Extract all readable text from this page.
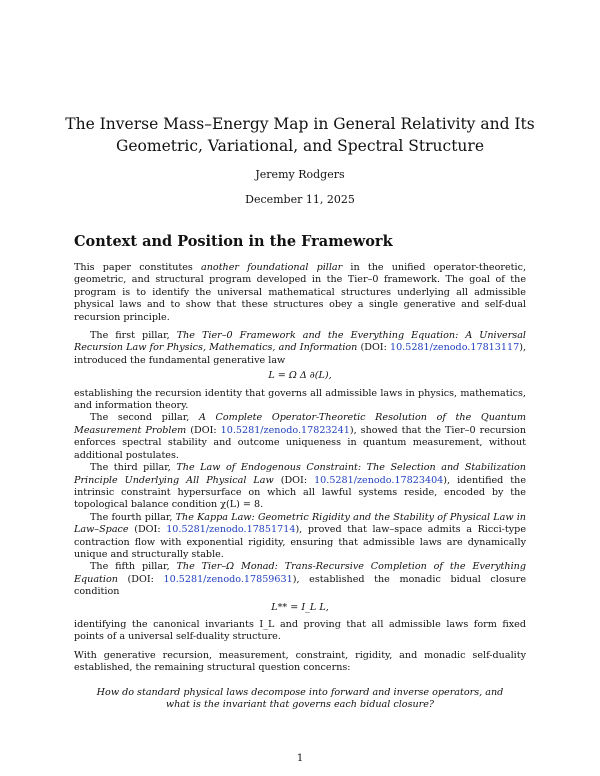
The Inverse Mass–Energy Map in General Relativity and Its Geometric, Variational, and Spectral Structure
Jeremy Rodgers
December 11, 2025
Context and Position in the Framework

This paper constitutes another foundational pillar in the unified operator-theoretic, geometric, and structural program developed in the Tier–0 framework. The goal of the program is to identify the universal mathematical structures underlying all admissible physical laws and to show that these structures obey a single generative and self-dual recursion principle.

The first pillar, The Tier–0 Framework and the Everything Equation: A Universal Recursion Law for Physics, Mathematics, and Information (DOI: 10.5281/zenodo.17813117), introduced the fundamental generative law

L = Ω Δ ∂(L),

establishing the recursion identity that governs all admissible laws in physics, mathematics, and information theory.

The second pillar, A Complete Operator-Theoretic Resolution of the Quantum Measurement Problem (DOI: 10.5281/zenodo.17823241), showed that the Tier–0 recursion enforces spectral stability and outcome uniqueness in quantum measurement, without additional postulates.

The third pillar, The Law of Endogenous Constraint: The Selection and Stabilization Principle Underlying All Physical Law (DOI: 10.5281/zenodo.17823404), identified the intrinsic constraint hypersurface on which all lawful systems reside, encoded by the topological balance condition χ(L) = 8.

The fourth pillar, The Kappa Law: Geometric Rigidity and the Stability of Physical Law in Law–Space (DOI: 10.5281/zenodo.17851714), proved that law–space admits a Ricci-type contraction flow with exponential rigidity, ensuring that admissible laws are dynamically unique and structurally stable.

The fifth pillar, The Tier–Ω Monad: Trans-Recursive Completion of the Everything Equation (DOI: 10.5281/zenodo.17859631), established the monadic bidual closure condition

L** = I_L L,

identifying the canonical invariants I_L and proving that all admissible laws form fixed points of a universal self-duality structure.

With generative recursion, measurement, constraint, rigidity, and monadic self-duality established, the remaining structural question concerns:

How do standard physical laws decompose into forward and inverse operators, and what is the invariant that governs each bidual closure?
1
